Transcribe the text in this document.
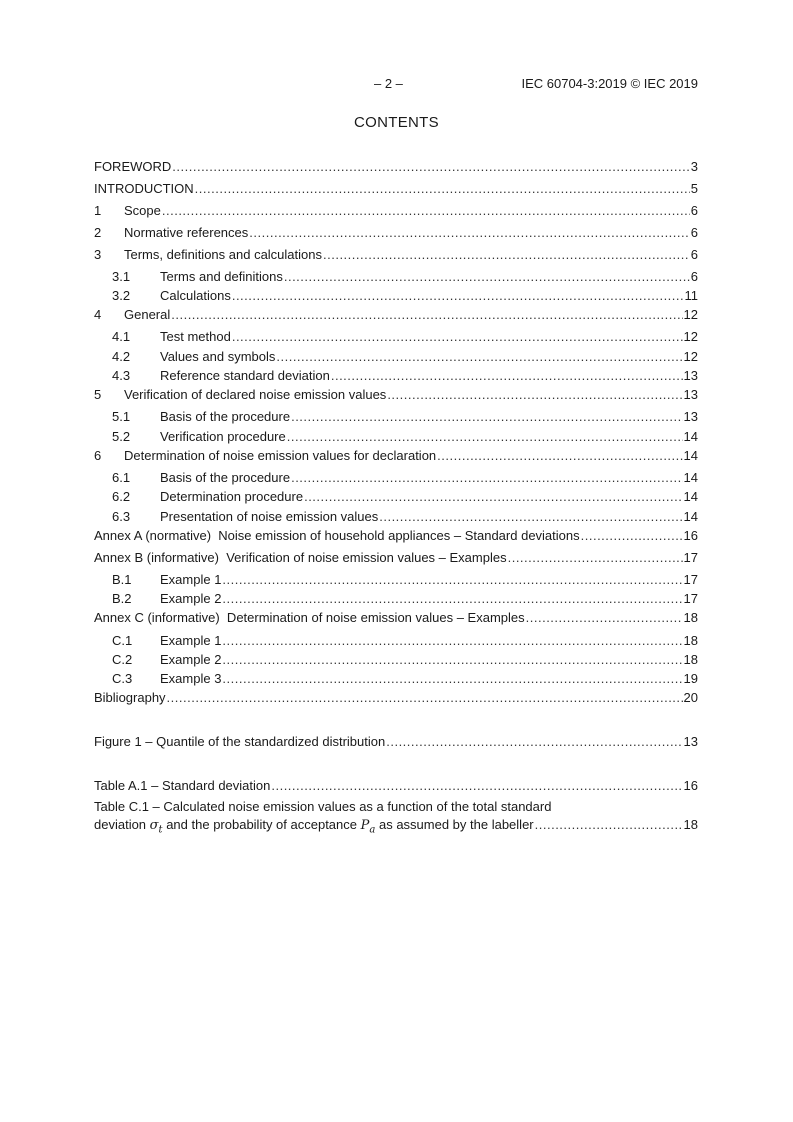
– 2 –	IEC 60704-3:2019 © IEC 2019
CONTENTS
FOREWORD .....	3
INTRODUCTION .....	5
1	Scope .....	6
2	Normative references .....	6
3	Terms, definitions and calculations .....	6
3.1	Terms and definitions .....	6
3.2	Calculations .....	11
4	General .....	12
4.1	Test method .....	12
4.2	Values and symbols .....	12
4.3	Reference standard deviation .....	13
5	Verification of declared noise emission values .....	13
5.1	Basis of the procedure .....	13
5.2	Verification procedure .....	14
6	Determination of noise emission values for declaration .....	14
6.1	Basis of the procedure .....	14
6.2	Determination procedure .....	14
6.3	Presentation of noise emission values .....	14
Annex A (normative)  Noise emission of household appliances – Standard deviations .....	16
Annex B (informative)  Verification of noise emission values – Examples .....	17
B.1	Example 1 .....	17
B.2	Example 2 .....	17
Annex C (informative)  Determination of noise emission values – Examples .....	18
C.1	Example 1 .....	18
C.2	Example 2 .....	18
C.3	Example 3 .....	19
Bibliography .....	20
Figure 1 – Quantile of the standardized distribution .....	13
Table A.1 – Standard deviation .....	16
Table C.1 – Calculated noise emission values as a function of the total standard
deviation $\sigma_t$ and the probability of acceptance $P_a$ as assumed by the labeller .....	18
